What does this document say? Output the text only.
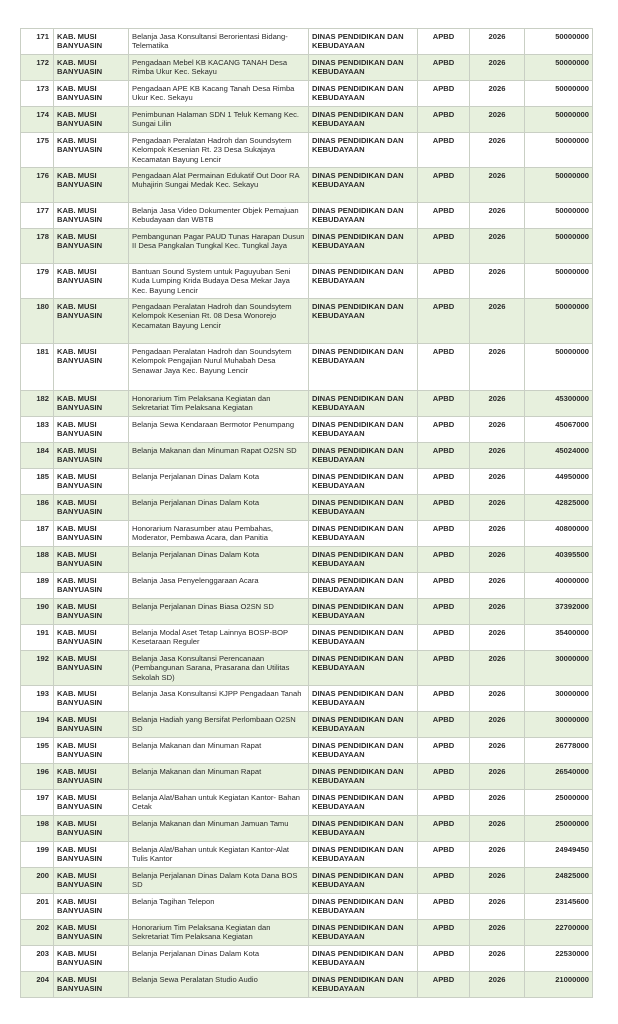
171	KAB. MUSI BANYUASIN	Belanja Jasa Konsultansi Berorientasi Bidang-Telematika	DINAS PENDIDIKAN DAN KEBUDAYAAN	APBD	2026	50000000
172	KAB. MUSI BANYUASIN	Pengadaan Mebel KB KACANG TANAH Desa Rimba Ukur Kec. Sekayu	DINAS PENDIDIKAN DAN KEBUDAYAAN	APBD	2026	50000000
173	KAB. MUSI BANYUASIN	Pengadaan APE KB Kacang Tanah Desa Rimba Ukur Kec. Sekayu	DINAS PENDIDIKAN DAN KEBUDAYAAN	APBD	2026	50000000
174	KAB. MUSI BANYUASIN	Penimbunan Halaman SDN 1 Teluk Kemang Kec. Sungai Lilin	DINAS PENDIDIKAN DAN KEBUDAYAAN	APBD	2026	50000000
175	KAB. MUSI BANYUASIN	Pengadaan Peralatan Hadroh dan Soundsytem Kelompok Kesenian Rt. 23 Desa Sukajaya Kecamatan Bayung Lencir	DINAS PENDIDIKAN DAN KEBUDAYAAN	APBD	2026	50000000
176	KAB. MUSI BANYUASIN	Pengadaan Alat Permainan Edukatif Out Door RA Muhajirin Sungai Medak Kec. Sekayu	DINAS PENDIDIKAN DAN KEBUDAYAAN	APBD	2026	50000000
177	KAB. MUSI BANYUASIN	Belanja Jasa Video Dokumenter Objek Pemajuan Kebudayaan dan WBTB	DINAS PENDIDIKAN DAN KEBUDAYAAN	APBD	2026	50000000
178	KAB. MUSI BANYUASIN	Pembangunan Pagar PAUD Tunas Harapan Dusun II Desa Pangkalan Tungkal Kec. Tungkal Jaya	DINAS PENDIDIKAN DAN KEBUDAYAAN	APBD	2026	50000000
179	KAB. MUSI BANYUASIN	Bantuan Sound System untuk Paguyuban Seni Kuda Lumping Krida Budaya Desa Mekar Jaya Kec. Bayung Lencir	DINAS PENDIDIKAN DAN KEBUDAYAAN	APBD	2026	50000000
180	KAB. MUSI BANYUASIN	Pengadaan Peralatan Hadroh dan Soundsytem Kelompok Kesenian Rt. 08 Desa Wonorejo Kecamatan Bayung Lencir	DINAS PENDIDIKAN DAN KEBUDAYAAN	APBD	2026	50000000
181	KAB. MUSI BANYUASIN	Pengadaan Peralatan Hadroh dan Soundsytem Kelompok Pengajian Nurul Muhabah Desa Senawar Jaya Kec. Bayung Lencir	DINAS PENDIDIKAN DAN KEBUDAYAAN	APBD	2026	50000000
182	KAB. MUSI BANYUASIN	Honorarium Tim Pelaksana Kegiatan dan Sekretariat Tim Pelaksana Kegiatan	DINAS PENDIDIKAN DAN KEBUDAYAAN	APBD	2026	45300000
183	KAB. MUSI BANYUASIN	Belanja Sewa Kendaraan Bermotor Penumpang	DINAS PENDIDIKAN DAN KEBUDAYAAN	APBD	2026	45067000
184	KAB. MUSI BANYUASIN	Belanja Makanan dan Minuman Rapat O2SN SD	DINAS PENDIDIKAN DAN KEBUDAYAAN	APBD	2026	45024000
185	KAB. MUSI BANYUASIN	Belanja Perjalanan Dinas Dalam Kota	DINAS PENDIDIKAN DAN KEBUDAYAAN	APBD	2026	44950000
186	KAB. MUSI BANYUASIN	Belanja Perjalanan Dinas Dalam Kota	DINAS PENDIDIKAN DAN KEBUDAYAAN	APBD	2026	42825000
187	KAB. MUSI BANYUASIN	Honorarium Narasumber atau Pembahas, Moderator, Pembawa Acara, dan Panitia	DINAS PENDIDIKAN DAN KEBUDAYAAN	APBD	2026	40800000
188	KAB. MUSI BANYUASIN	Belanja Perjalanan Dinas Dalam Kota	DINAS PENDIDIKAN DAN KEBUDAYAAN	APBD	2026	40395500
189	KAB. MUSI BANYUASIN	Belanja Jasa Penyelenggaraan Acara	DINAS PENDIDIKAN DAN KEBUDAYAAN	APBD	2026	40000000
190	KAB. MUSI BANYUASIN	Belanja Perjalanan Dinas Biasa O2SN SD	DINAS PENDIDIKAN DAN KEBUDAYAAN	APBD	2026	37392000
191	KAB. MUSI BANYUASIN	Belanja Modal Aset Tetap Lainnya BOSP-BOP Kesetaraan Reguler	DINAS PENDIDIKAN DAN KEBUDAYAAN	APBD	2026	35400000
192	KAB. MUSI BANYUASIN	Belanja Jasa Konsultansi Perencanaan (Pembangunan Sarana, Prasarana dan Utilitas Sekolah SD)	DINAS PENDIDIKAN DAN KEBUDAYAAN	APBD	2026	30000000
193	KAB. MUSI BANYUASIN	Belanja Jasa Konsultansi KJPP Pengadaan Tanah	DINAS PENDIDIKAN DAN KEBUDAYAAN	APBD	2026	30000000
194	KAB. MUSI BANYUASIN	Belanja Hadiah yang Bersifat Perlombaan O2SN SD	DINAS PENDIDIKAN DAN KEBUDAYAAN	APBD	2026	30000000
195	KAB. MUSI BANYUASIN	Belanja Makanan dan Minuman Rapat	DINAS PENDIDIKAN DAN KEBUDAYAAN	APBD	2026	26778000
196	KAB. MUSI BANYUASIN	Belanja Makanan dan Minuman Rapat	DINAS PENDIDIKAN DAN KEBUDAYAAN	APBD	2026	26540000
197	KAB. MUSI BANYUASIN	Belanja Alat/Bahan untuk Kegiatan Kantor- Bahan Cetak	DINAS PENDIDIKAN DAN KEBUDAYAAN	APBD	2026	25000000
198	KAB. MUSI BANYUASIN	Belanja Makanan dan Minuman Jamuan Tamu	DINAS PENDIDIKAN DAN KEBUDAYAAN	APBD	2026	25000000
199	KAB. MUSI BANYUASIN	Belanja Alat/Bahan untuk Kegiatan Kantor-Alat Tulis Kantor	DINAS PENDIDIKAN DAN KEBUDAYAAN	APBD	2026	24949450
200	KAB. MUSI BANYUASIN	Belanja Perjalanan Dinas Dalam Kota Dana BOS SD	DINAS PENDIDIKAN DAN KEBUDAYAAN	APBD	2026	24825000
201	KAB. MUSI BANYUASIN	Belanja Tagihan Telepon	DINAS PENDIDIKAN DAN KEBUDAYAAN	APBD	2026	23145600
202	KAB. MUSI BANYUASIN	Honorarium Tim Pelaksana Kegiatan dan Sekretariat Tim Pelaksana Kegiatan	DINAS PENDIDIKAN DAN KEBUDAYAAN	APBD	2026	22700000
203	KAB. MUSI BANYUASIN	Belanja Perjalanan Dinas Dalam Kota	DINAS PENDIDIKAN DAN KEBUDAYAAN	APBD	2026	22530000
204	KAB. MUSI BANYUASIN	Belanja Sewa Peralatan Studio Audio	DINAS PENDIDIKAN DAN KEBUDAYAAN	APBD	2026	21000000
